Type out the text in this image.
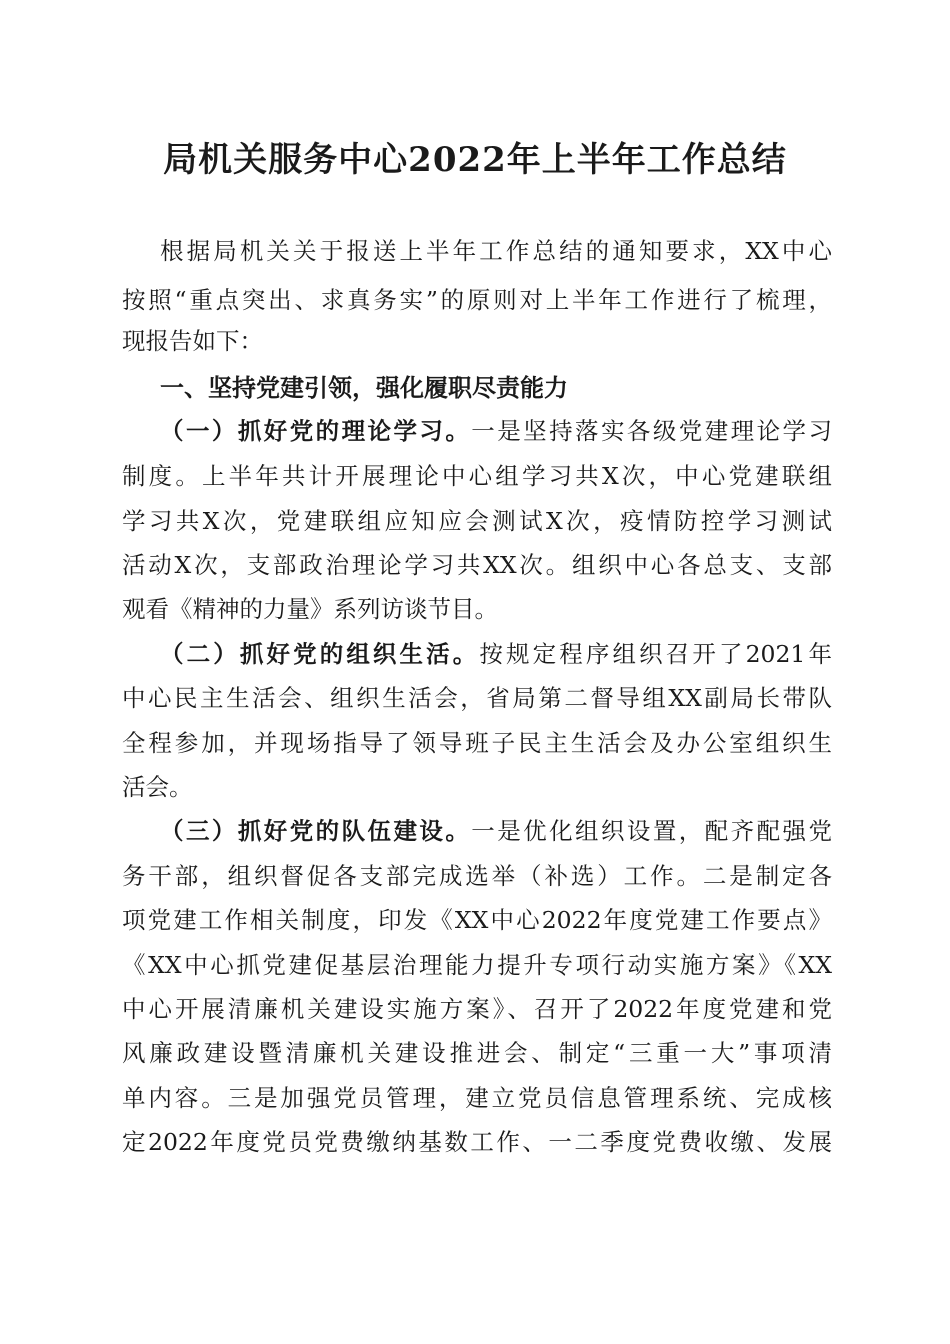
局机关服务中心2022年上半年工作总结
根据局机关关于报送上半年工作总结的通知要求，XX中心
按照“重点突出、求真务实”的原则对上半年工作进行了梳理，
现报告如下：
一、坚持党建引领，强化履职尽责能力
（一）抓好党的理论学习。一是坚持落实各级党建理论学习
制度。上半年共计开展理论中心组学习共X次，中心党建联组
学习共X次，党建联组应知应会测试X次，疫情防控学习测试
活动X次，支部政治理论学习共XX次。组织中心各总支、支部
观看《精神的力量》系列访谈节目。
（二）抓好党的组织生活。按规定程序组织召开了2021年
中心民主生活会、组织生活会，省局第二督导组XX副局长带队
全程参加，并现场指导了领导班子民主生活会及办公室组织生
活会。
（三）抓好党的队伍建设。一是优化组织设置，配齐配强党
务干部，组织督促各支部完成选举（补选）工作。二是制定各
项党建工作相关制度，印发《XX中心2022年度党建工作要点》
《XX中心抓党建促基层治理能力提升专项行动实施方案》《XX
中心开展清廉机关建设实施方案》、召开了2022年度党建和党
风廉政建设暨清廉机关建设推进会、制定“三重一大”事项清
单内容。三是加强党员管理，建立党员信息管理系统、完成核
定2022年度党员党费缴纳基数工作、一二季度党费收缴、发展
